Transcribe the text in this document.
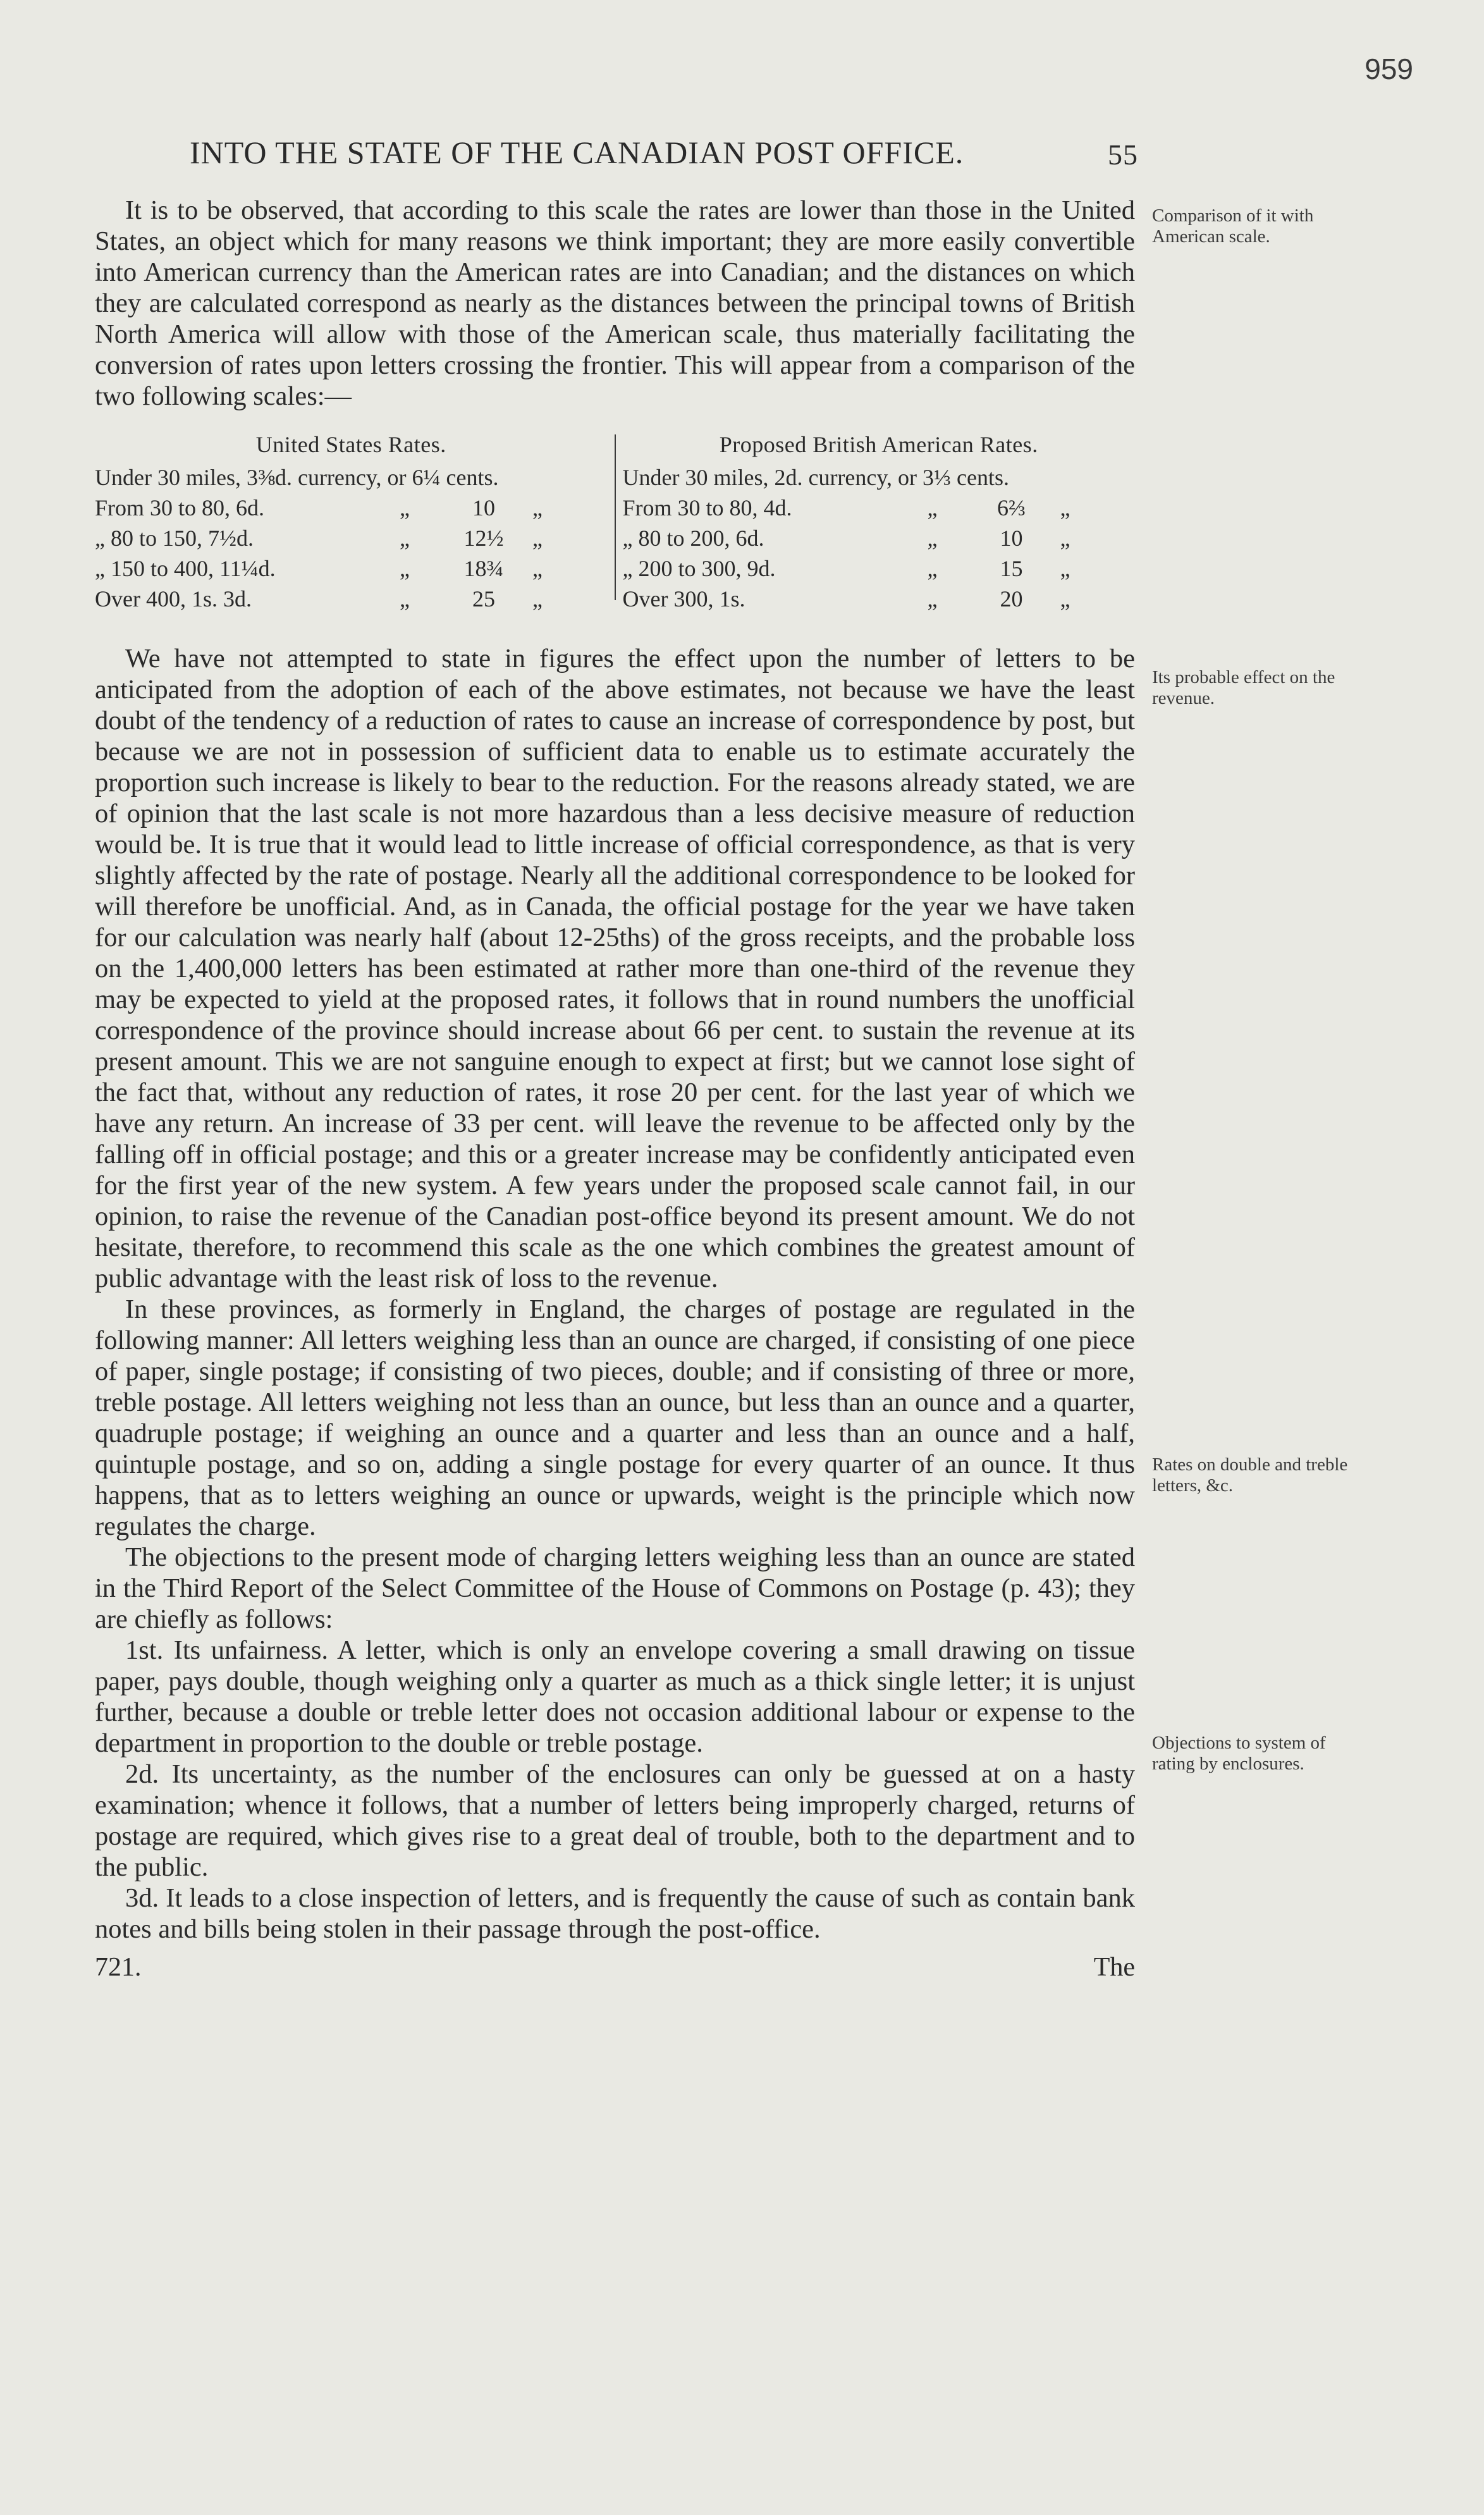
959
INTO THE STATE OF THE CANADIAN POST OFFICE.	55

It is to be observed, that according to this scale the rates are lower than those in the United States, an object which for many reasons we think important; they are more easily convertible into American currency than the American rates are into Canadian; and the distances on which they are calculated correspond as nearly as the distances between the principal towns of British North America will allow with those of the American scale, thus materially facilitating the conversion of rates upon letters crossing the frontier. This will appear from a comparison of the two following scales:—

United States Rates.
Under 30 miles, 3⅜d. currency, or 6¼ cents.
From 30 to 80, 6d.	„	10	„
„ 80 to 150, 7½d.	„	12½	„
„ 150 to 400, 11¼d.	„	18¾	„
Over 400, 1s. 3d.	„	25	„
Proposed British American Rates.
Under 30 miles, 2d. currency, or 3⅓ cents.
From 30 to 80, 4d.	„	6⅔	„
„ 80 to 200, 6d.	„	10	„
„ 200 to 300, 9d.	„	15	„
Over 300, 1s.	„	20	„

We have not attempted to state in figures the effect upon the number of letters to be anticipated from the adoption of each of the above estimates, not because we have the least doubt of the tendency of a reduction of rates to cause an increase of correspondence by post, but because we are not in possession of sufficient data to enable us to estimate accurately the proportion such increase is likely to bear to the reduction. For the reasons already stated, we are of opinion that the last scale is not more hazardous than a less decisive measure of reduction would be. It is true that it would lead to little increase of official correspondence, as that is very slightly affected by the rate of postage. Nearly all the additional correspondence to be looked for will therefore be unofficial. And, as in Canada, the official postage for the year we have taken for our calculation was nearly half (about 12-25ths) of the gross receipts, and the probable loss on the 1,400,000 letters has been estimated at rather more than one-third of the revenue they may be expected to yield at the proposed rates, it follows that in round numbers the unofficial correspondence of the province should increase about 66 per cent. to sustain the revenue at its present amount. This we are not sanguine enough to expect at first; but we cannot lose sight of the fact that, without any reduction of rates, it rose 20 per cent. for the last year of which we have any return. An increase of 33 per cent. will leave the revenue to be affected only by the falling off in official postage; and this or a greater increase may be confidently anticipated even for the first year of the new system. A few years under the proposed scale cannot fail, in our opinion, to raise the revenue of the Canadian post-office beyond its present amount. We do not hesitate, therefore, to recommend this scale as the one which combines the greatest amount of public advantage with the least risk of loss to the revenue.

In these provinces, as formerly in England, the charges of postage are regulated in the following manner: All letters weighing less than an ounce are charged, if consisting of one piece of paper, single postage; if consisting of two pieces, double; and if consisting of three or more, treble postage. All letters weighing not less than an ounce, but less than an ounce and a quarter, quadruple postage; if weighing an ounce and a quarter and less than an ounce and a half, quintuple postage, and so on, adding a single postage for every quarter of an ounce. It thus happens, that as to letters weighing an ounce or upwards, weight is the principle which now regulates the charge.

The objections to the present mode of charging letters weighing less than an ounce are stated in the Third Report of the Select Committee of the House of Commons on Postage (p. 43); they are chiefly as follows:

1st. Its unfairness. A letter, which is only an envelope covering a small drawing on tissue paper, pays double, though weighing only a quarter as much as a thick single letter; it is unjust further, because a double or treble letter does not occasion additional labour or expense to the department in proportion to the double or treble postage.

2d. Its uncertainty, as the number of the enclosures can only be guessed at on a hasty examination; whence it follows, that a number of letters being improperly charged, returns of postage are required, which gives rise to a great deal of trouble, both to the department and to the public.

3d. It leads to a close inspection of letters, and is frequently the cause of such as contain bank notes and bills being stolen in their passage through the post-office.

721.	The
Comparison of it with American scale.
Its probable effect on the revenue.
Rates on double and treble letters, &c.
Objections to system of rating by enclosures.
